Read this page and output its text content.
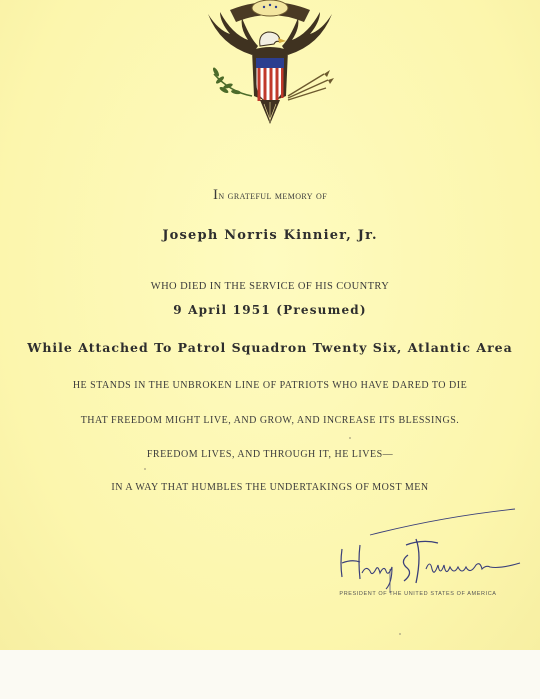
In grateful memory of
Joseph Norris Kinnier, Jr.
WHO DIED IN THE SERVICE OF HIS COUNTRY
9 April 1951 (Presumed)
While Attached To Patrol Squadron Twenty Six, Atlantic Area
HE STANDS IN THE UNBROKEN LINE OF PATRIOTS WHO HAVE DARED TO DIE
THAT FREEDOM MIGHT LIVE, AND GROW, AND INCREASE ITS BLESSINGS.
FREEDOM LIVES, AND THROUGH IT, HE LIVES—
IN A WAY THAT HUMBLES THE UNDERTAKINGS OF MOST MEN
PRESIDENT OF THE UNITED STATES OF AMERICA
